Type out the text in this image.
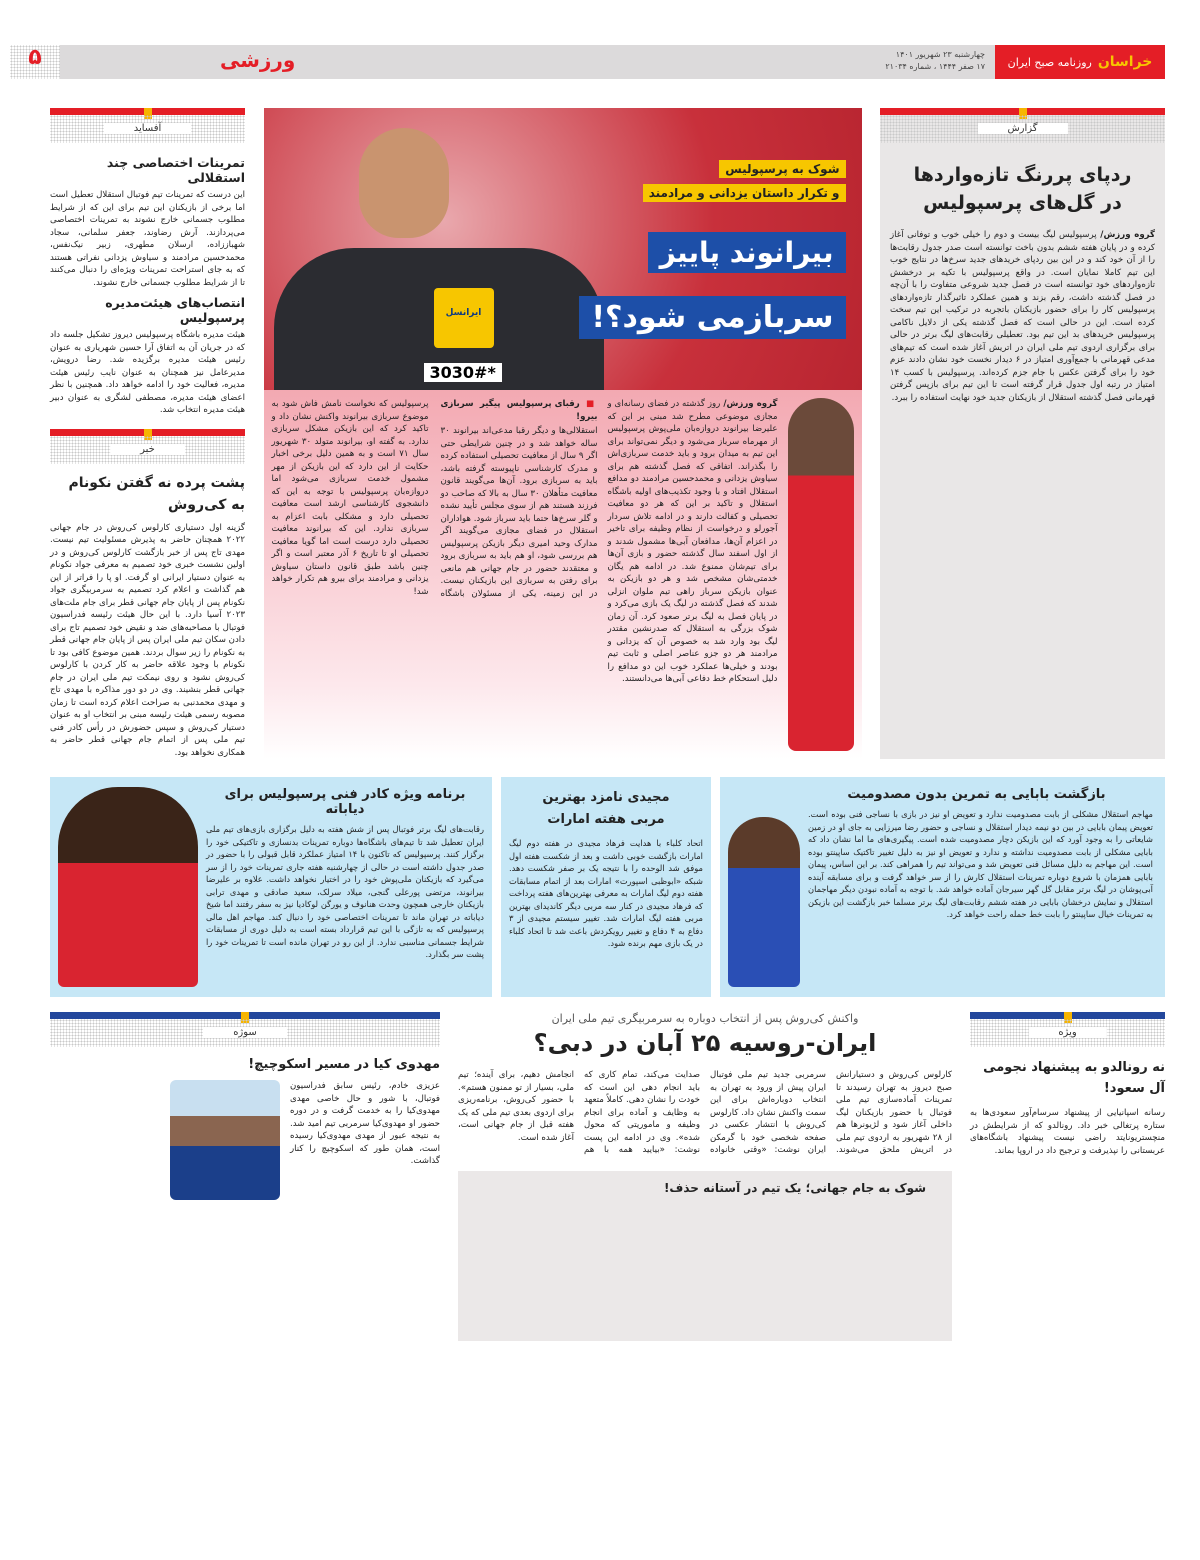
خراسان
روزنامه صبح ایران
چهارشنبه ۲۳ شهریور ۱۴۰۱
۱۷ صفر ۱۴۴۴ ، شماره ۲۱۰۳۴
ورزشی
۵
گزارش
ردپای پررنگ تازه‌واردها در گل‌های پرسپولیس
گروه ورزش/ پرسپولیس لیگ بیست و دوم را خیلی خوب و توفانی آغاز کرده و در پایان هفته ششم بدون باخت توانسته است صدر جدول رقابت‌ها را از آن خود کند و در این بین ردپای خریدهای جدید سرخ‌ها در نتایج خوب این تیم کاملا نمایان است. در واقع پرسپولیس با تکیه بر درخشش تازه‌واردهای خود توانسته است در فصل جدید شروعی متفاوت را با آن‌چه در فصل گذشته داشت، رقم بزند و همین عملکرد تاثیرگذار تازه‌واردهای پرسپولیس کار را برای حضور بازیکنان باتجربه در ترکیب این تیم سخت کرده است. این در حالی است که فصل گذشته یکی از دلایل ناکامی پرسپولیس خریدهای بد این تیم بود. تعطیلی رقابت‌های لیگ برتر در حالی برای برگزاری اردوی تیم ملی ایران در اتریش آغاز شده است که تیم‌های مدعی قهرمانی با جمع‌آوری امتیاز در ۶ دیدار نخست خود نشان دادند عزم خود را برای گرفتن عکس با جام جزم کرده‌اند. پرسپولیس با کسب ۱۴ امتیاز در رتبه اول جدول قرار گرفته است تا این تیم برای بازپس گرفتن قهرمانی فصل گذشته استقلال از بازیکنان جدید خود نهایت استفاده را ببرد.
ایرانسل
*3030#
شوک به پرسپولیس
و تکرار داستان یزدانی و مرادمند
بیرانوند پاییز
سربازمی شود؟!
گروه ورزش/ روز گذشته در فضای رسانه‌ای و مجازی موضوعی مطرح شد مبنی بر این که علیرضا بیرانوند دروازه‌بان ملی‌پوش پرسپولیس از مهرماه سرباز می‌شود و دیگر نمی‌تواند برای این تیم به میدان برود و باید خدمت سربازی‌اش را بگذراند. اتفاقی که فصل گذشته هم برای سیاوش یزدانی و محمدحسین مرادمند دو مدافع استقلال افتاد و با وجود تکذیب‌های اولیه باشگاه استقلال و تاکید بر این که هر دو معافیت تحصیلی و کفالت دارند و در ادامه تلاش سردار آجورلو و درخواست از نظام وظیفه برای تاخیر در اعزام آن‌ها، مدافعان آبی‌ها مشمول شدند و از اول اسفند سال گذشته حضور و بازی آن‌ها برای تیم‌شان ممنوع شد. در ادامه هم یگان خدمتی‌شان مشخص شد و هر دو بازیکن به عنوان بازیکن سرباز راهی تیم ملوان انزلی شدند که فصل گذشته در لیگ یک بازی می‌کرد و در پایان فصل به لیگ برتر صعود کرد. آن زمان شوک بزرگی به استقلال که صدرنشین مقتدر لیگ بود وارد شد به خصوص آن که یزدانی و مرادمند هر دو جزو عناصر اصلی و ثابت تیم بودند و خیلی‌ها عملکرد خوب این دو مدافع را دلیل استحکام خط دفاعی آبی‌ها می‌دانستند.

■ رقبای پرسپولیس پیگیر سربازی بیرو!

استقلالی‌ها و دیگر رقبا مدعی‌اند بیرانوند ۳۰ ساله خواهد شد و در چنین شرایطی حتی اگر ۹ سال از معافیت تحصیلی استفاده کرده و مدرک کارشناسی ناپیوسته گرفته باشد، باید به سربازی برود. آن‌ها می‌گویند قانون معافیت متأهلان ۳۰ سال به بالا که صاحب دو فرزند هستند هم از سوی مجلس تأیید نشده و گلر سرخ‌ها حتما باید سرباز شود. هواداران استقلال در فضای مجازی می‌گویند اگر مدارک وحید امیری دیگر بازیکن پرسپولیس هم بررسی شود، او هم باید به سربازی برود و معتقدند حضور در جام جهانی هم مانعی برای رفتن به سربازی این بازیکنان نیست. در این زمینه، یکی از مسئولان باشگاه پرسپولیس که نخواست نامش فاش شود به موضوع سربازی بیرانوند واکنش نشان داد و تاکید کرد که این بازیکن مشکل سربازی ندارد. به گفته او، بیرانوند متولد ۳۰ شهریور سال ۷۱ است و به همین دلیل برخی اخبار حکایت از این دارد که این بازیکن از مهر مشمول خدمت سربازی می‌شود اما دروازه‌بان پرسپولیس با توجه به این که دانشجوی کارشناسی ارشد است معافیت تحصیلی دارد و مشکلی بابت اعزام به سربازی ندارد. این که بیرانوند معافیت تحصیلی دارد درست است اما گویا معافیت تحصیلی او تا تاریخ ۶ آذر معتبر است و اگر چنین باشد طبق قانون داستان سیاوش یزدانی و مرادمند برای بیرو هم تکرار خواهد شد!
آفساید
تمرینات اختصاصی چند استقلالی
این درست که تمرینات تیم فوتبال استقلال تعطیل است اما برخی از بازیکنان این تیم برای این که از شرایط مطلوب جسمانی خارج نشوند به تمرینات اختصاصی می‌پردازند. آرش رضاوند، جعفر سلمانی، سجاد شهباززاده، ارسلان مطهری، زبیر نیک‌نفس، محمدحسین مرادمند و سیاوش یزدانی نفراتی هستند که به جای استراحت تمرینات ویژه‌ای را دنبال می‌کنند تا از شرایط مطلوب جسمانی خارج نشوند.
انتصاب‌های هیئت‌مدیره پرسپولیس
هیئت مدیره باشگاه پرسپولیس دیروز تشکیل جلسه داد که در جریان آن به اتفاق آرا حسین شهریاری به عنوان رئیس هیئت مدیره برگزیده شد. رضا درویش، مدیرعامل نیز همچنان به عنوان نایب رئیس هیئت مدیره، فعالیت خود را ادامه خواهد داد. همچنین با نظر اعضای هیئت مدیره، مصطفی لشگری به عنوان دبیر هیئت مدیره انتخاب شد.
خبر
پشت پرده نه گفتن نکونام به کی‌روش
گزینه اول دستیاری کارلوس کی‌روش در جام جهانی ۲۰۲۲ همچنان حاضر به پذیرش مسئولیت تیم نیست. مهدی تاج پس از خبر بازگشت کارلوس کی‌روش و در اولین نشست خبری خود تصمیم به معرفی جواد نکونام به عنوان دستیار ایرانی او گرفت. او پا را فراتر از این هم گذاشت و اعلام کرد تصمیم به سرمربیگری جواد نکونام پس از پایان جام جهانی قطر برای جام ملت‌های ۲۰۲۳ آسیا دارد. با این حال هیئت رئیسه فدراسیون فوتبال با مصاحبه‌های ضد و نقیض خود تصمیم تاج برای دادن سکان تیم ملی ایران پس از پایان جام جهانی قطر به نکونام را زیر سوال بردند. همین موضوع کافی بود تا نکونام با وجود علاقه حاضر به کار کردن با کارلوس کی‌روش نشود و روی نیمکت تیم ملی ایران در جام جهانی قطر بنشیند. وی در دو دور مذاکره با مهدی تاج و مهدی محمدنبی به صراحت اعلام کرده است تا زمان مصوبه رسمی هیئت رئیسه مبنی بر انتخاب او به عنوان دستیار کی‌روش و سپس حضورش در رأس کادر فنی تیم ملی پس از اتمام جام جهانی قطر حاضر به همکاری نخواهد بود.
بازگشت بابایی به تمرین بدون مصدومیت
مهاجم استقلال مشکلی از بابت مصدومیت ندارد و تعویض او نیز در بازی با نساجی فنی بوده است. تعویض پیمان بابایی در بین دو نیمه دیدار استقلال و نساجی و حضور رضا میرزایی به جای او در زمین شایعاتی را به وجود آورد که این بازیکن دچار مصدومیت شده است. پیگیری‌های ما اما نشان داد که بابایی مشکلی از بابت مصدومیت نداشته و ندارد و تعویض او نیز به دلیل تغییر تاکتیک ساپینتو بوده است. این مهاجم به دلیل مسائل فنی تعویض شد و می‌تواند تیم را همراهی کند. بر این اساس، پیمان بابایی همزمان با شروع دوباره تمرینات استقلال کارش را از سر خواهد گرفت و برای مسابقه آینده آبی‌پوشان در لیگ برتر مقابل گل گهر سیرجان آماده خواهد شد. با توجه به آماده نبودن دیگر مهاجمان استقلال و نمایش درخشان بابایی در هفته ششم رقابت‌های لیگ برتر مسلما خبر بازگشت این بازیکن به تمرینات خیال ساپینتو را بابت خط حمله راحت خواهد کرد.
مجیدی نامزد بهترین مربی هفته امارات
اتحاد کلباء با هدایت فرهاد مجیدی در هفته دوم لیگ امارات بازگشت خوبی داشت و بعد از شکست هفته اول موفق شد الوحده را با نتیجه یک بر صفر شکست دهد. شبکه «ابوظبی اسپورت» امارات بعد از اتمام مسابقات هفته دوم لیگ امارات به معرفی بهترین‌های هفته پرداخت که فرهاد مجیدی در کنار سه مربی دیگر کاندیدای بهترین مربی هفته لیگ امارات شد. تغییر سیستم مجیدی از ۳ دفاع به ۴ دفاع و تغییر رویکردش باعث شد تا اتحاد کلباء در یک بازی مهم برنده شود.
برنامه ویژه کادر فنی پرسپولیس برای دیاباته
رقابت‌های لیگ برتر فوتبال پس از شش هفته به دلیل برگزاری بازی‌های تیم ملی ایران تعطیل شد تا تیم‌های باشگاه‌ها دوباره تمرینات بدنسازی و تاکتیکی خود را برگزار کنند. پرسپولیس که تاکنون با ۱۴ امتیاز عملکرد قابل قبولی را با حضور در صدر جدول داشته است در حالی از چهارشنبه هفته جاری تمرینات خود را از سر می‌گیرد که بازیکنان ملی‌پوش خود را در اختیار نخواهد داشت. علاوه بر علیرضا بیرانوند، مرتضی پورعلی گنجی، میلاد سرلک، سعید صادقی و مهدی ترابی بازیکنان خارجی همچون وحدت هنانوف و یورگن لوکادیا نیز به سفر رفتند اما شیخ دیاباته در تهران ماند تا تمرینات اختصاصی خود را دنبال کند. مهاجم اهل مالی پرسپولیس که به تازگی با این تیم قرارداد بسته است به دلیل دوری از مسابقات شرایط جسمانی مناسبی ندارد. از این رو در تهران مانده است تا تمرینات خود را پشت سر بگذارد.
ویژه
نه رونالدو به پیشنهاد نجومی آل سعود!
رسانه اسپانیایی از پیشنهاد سرسام‌آور سعودی‌ها به ستاره پرتغالی خبر داد. رونالدو که از شرایطش در منچستریونایتد راضی نیست پیشنهاد باشگاه‌های عربستانی را نپذیرفت و ترجیح داد در اروپا بماند.
واکنش کی‌روش پس از انتخاب دوباره به سرمربیگری تیم ملی ایران
ایران-روسیه ۲۵ آبان در دبی؟
کارلوس کی‌روش و دستیارانش صبح دیروز به تهران رسیدند تا تمرینات آماده‌سازی تیم ملی فوتبال با حضور بازیکنان لیگ داخلی آغاز شود و لژیونرها هم از ۲۸ شهریور به اردوی تیم ملی در اتریش ملحق می‌شوند. سرمربی جدید تیم ملی فوتبال ایران پیش از ورود به تهران به انتخاب دوباره‌اش برای این سمت واکنش نشان داد. کارلوس کی‌روش با انتشار عکسی در صفحه شخصی خود با گرمکن ایران نوشت: «وقتی خانواده صدایت می‌کند، تمام کاری که باید انجام دهی این است که خودت را نشان دهی. کاملاً متعهد به وظایف و آماده برای انجام وظیفه و ماموریتی که محول شده». وی در ادامه این پست نوشت: «بیایید همه با هم انجامش دهیم، برای آینده؛ تیم ملی، بسیار از تو ممنون هستم». با حضور کی‌روش، برنامه‌ریزی برای اردوی بعدی تیم ملی که یک هفته قبل از جام جهانی است، آغاز شده است.
شوک به جام جهانی؛ یک تیم در آستانه حذف!
سوژه
مهدوی کیا در مسیر اسکوچیچ!
عزیزی خادم، رئیس سابق فدراسیون فوتبال، با شور و حال خاصی مهدی مهدوی‌کیا را به خدمت گرفت و در دوره حضور او مهدوی‌کیا سرمربی تیم امید شد. به نتیجه عبور از مهدی مهدوی‌کیا رسیده است، همان طور که اسکوچیچ را کنار گذاشت.
